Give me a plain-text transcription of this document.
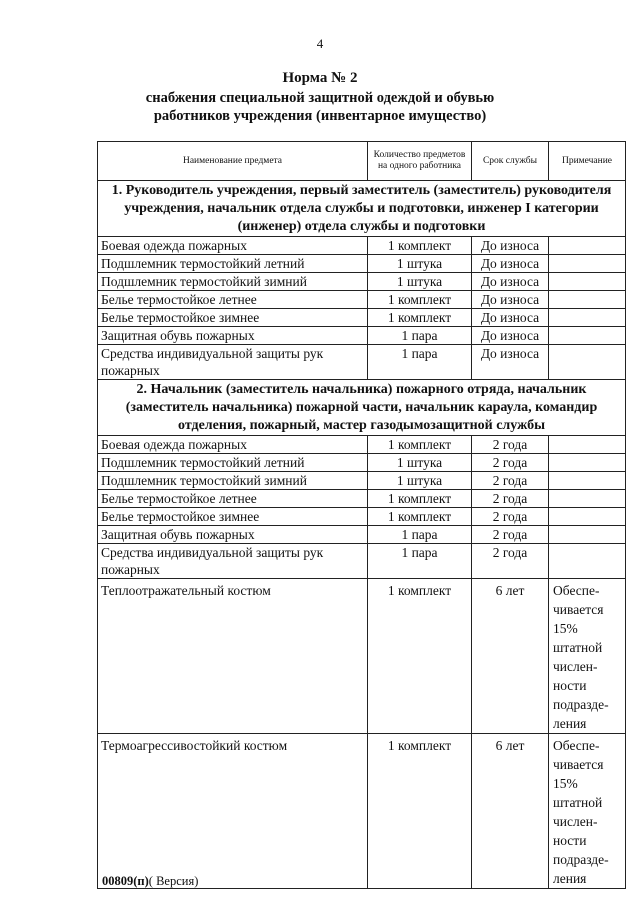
4
Норма № 2
снабжения специальной защитной одеждой и обувью
работников учреждения (инвентарное имущество)
Наименование предмета	Количество предметов на одного работника	Срок службы	Примечание
1. Руководитель учреждения, первый заместитель (заместитель) руководителя учреждения, начальник отдела службы и подготовки, инженер I категории (инженер) отдела службы и подготовки			
Боевая одежда пожарных	1 комплект	До износа	
Подшлемник термостойкий летний	1 штука	До износа	
Подшлемник термостойкий зимний	1 штука	До износа	
Белье термостойкое летнее	1 комплект	До износа	
Белье термостойкое зимнее	1 комплект	До износа	
Защитная обувь пожарных	1 пара	До износа	
Средства индивидуальной защиты рук пожарных	1 пара	До износа	
2. Начальник (заместитель начальника) пожарного отряда, начальник (заместитель начальника) пожарной части, начальник караула, командир отделения, пожарный, мастер газодымозащитной службы			
Боевая одежда пожарных	1 комплект	2 года	
Подшлемник термостойкий летний	1 штука	2 года	
Подшлемник термостойкий зимний	1 штука	2 года	
Белье термостойкое летнее	1 комплект	2 года	
Белье термостойкое зимнее	1 комплект	2 года	
Защитная обувь пожарных	1 пара	2 года	
Средства индивидуальной защиты рук пожарных	1 пара	2 года	
Теплоотражательный костюм	1 комплект	6 лет	Обеспе-чивается 15% штатной числен-ности подразде-ления
Термоагрессивостойкий костюм	1 комплект	6 лет	Обеспе-чивается 15% штатной числен-ности подразде-ления
00809(п)( Версия)
